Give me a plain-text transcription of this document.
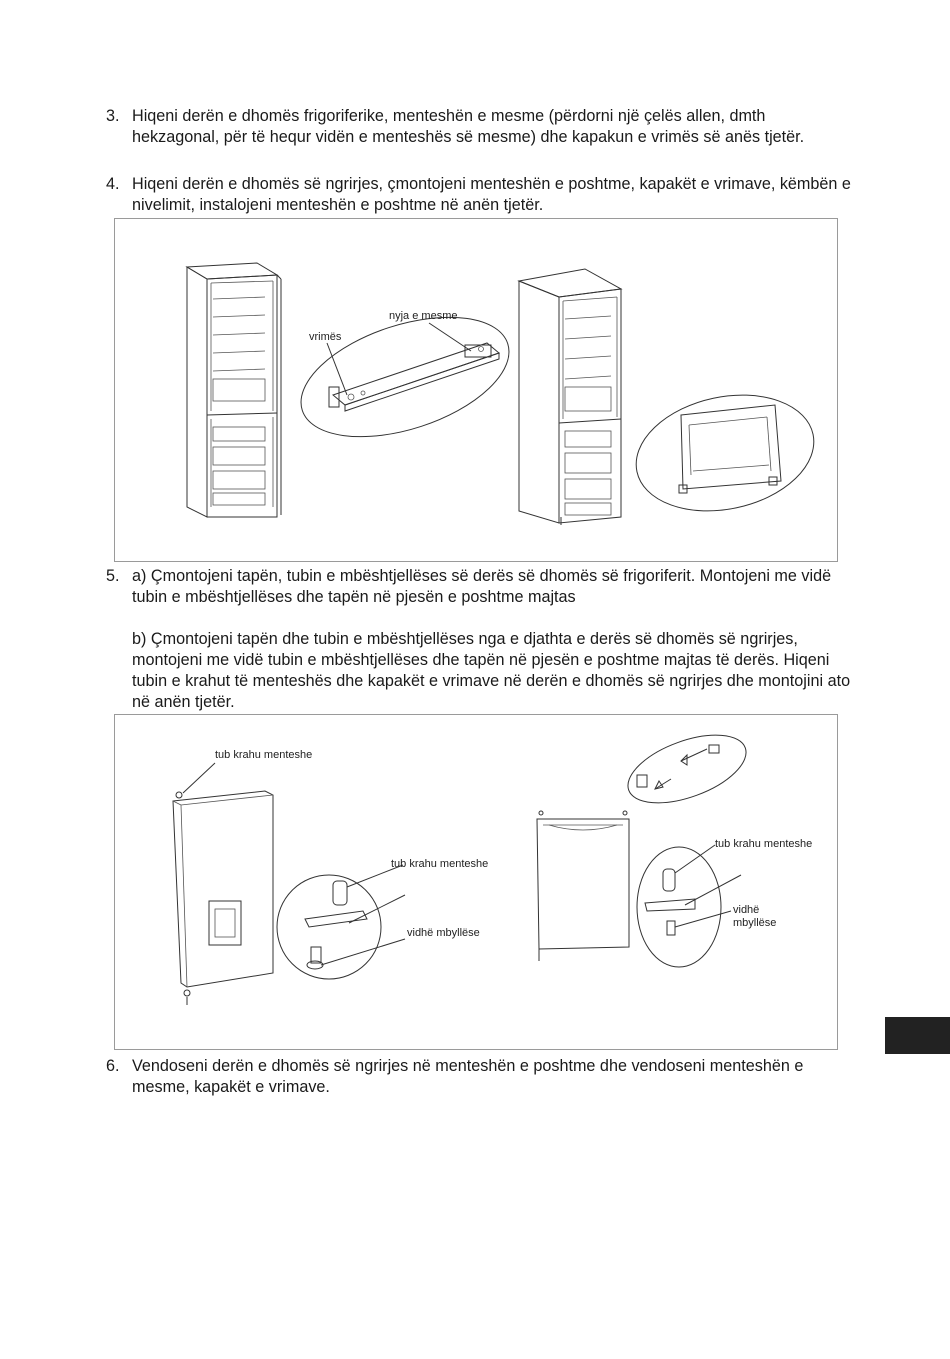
3. Hiqeni derën e dhomës frigoriferike, menteshën e mesme (përdorni një çelës allen, dmth hekzagonal, për të hequr vidën e menteshës së mesme) dhe kapakun e vrimës së anës tjetër.
4. Hiqeni derën e dhomës së ngrirjes, çmontojeni menteshën e poshtme, kapakët e vrimave, këmbën e nivelimit, instalojeni menteshën e poshtme në anën tjetër.
vrimës
nyja e mesme
5. a) Çmontojeni tapën, tubin e mbështjellëses së derës së dhomës së frigoriferit. Montojeni me vidë tubin e mbështjellëses dhe tapën në pjesën e poshtme majtas
b) Çmontojeni tapën dhe tubin e mbështjellëses nga e djathta e derës së dhomës së ngrirjes, montojeni me vidë tubin e mbështjellëses dhe tapën në pjesën e poshtme majtas të derës. Hiqeni tubin e krahut të menteshës dhe kapakët e vrimave në derën e dhomës së ngrirjes dhe montojini ato në anën tjetër.
tub krahu menteshe
tub krahu menteshe
vidhë mbyllëse
tub krahu menteshe
vidhë
mbyllëse
6. Vendoseni derën e dhomës së ngrirjes në menteshën e poshtme dhe vendoseni menteshën e mesme, kapakët e vrimave.
